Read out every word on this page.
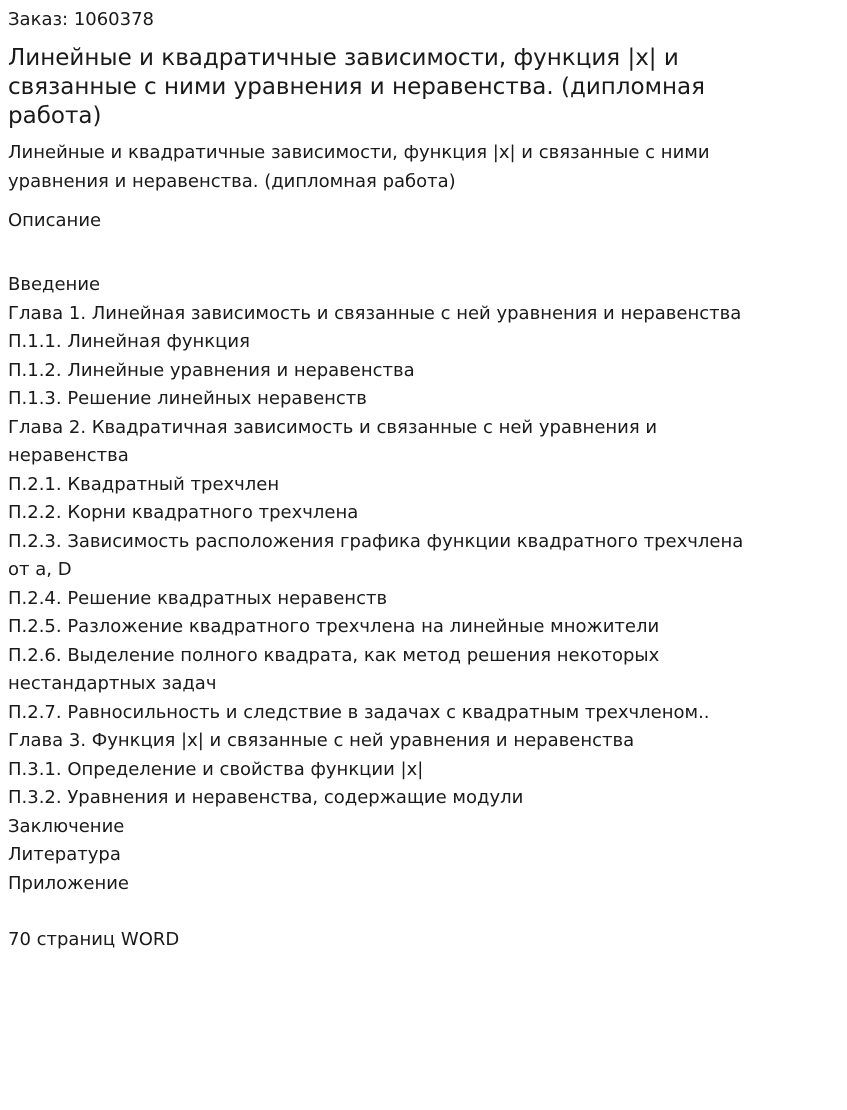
Заказ: 1060378
Линейные и квадратичные зависимости, функция |x| и связанные с ними уравнения и неравенства. (дипломная работа)
Линейные и квадратичные зависимости, функция |x| и связанные с ними уравнения и неравенства. (дипломная работа)
Описание
Введение
Глава 1. Линейная зависимость и связанные с ней уравнения и неравенства
П.1.1. Линейная функция
П.1.2. Линейные уравнения и неравенства
П.1.3. Решение линейных неравенств
Глава 2. Квадратичная зависимость и связанные с ней уравнения и неравенства
П.2.1. Квадратный трехчлен
П.2.2. Корни квадратного трехчлена
П.2.3. Зависимость расположения графика функции квадратного трехчлена от a, D
П.2.4. Решение квадратных неравенств
П.2.5. Разложение квадратного трехчлена на линейные множители
П.2.6. Выделение полного квадрата, как метод решения некоторых нестандартных задач
П.2.7. Равносильность и следствие в задачах с квадратным трехчленом..
Глава 3. Функция |x| и связанные с ней уравнения и неравенства
П.3.1. Определение и свойства функции |x|
П.3.2. Уравнения и неравенства, содержащие модули
Заключение
Литература
Приложение
70 страниц WORD
